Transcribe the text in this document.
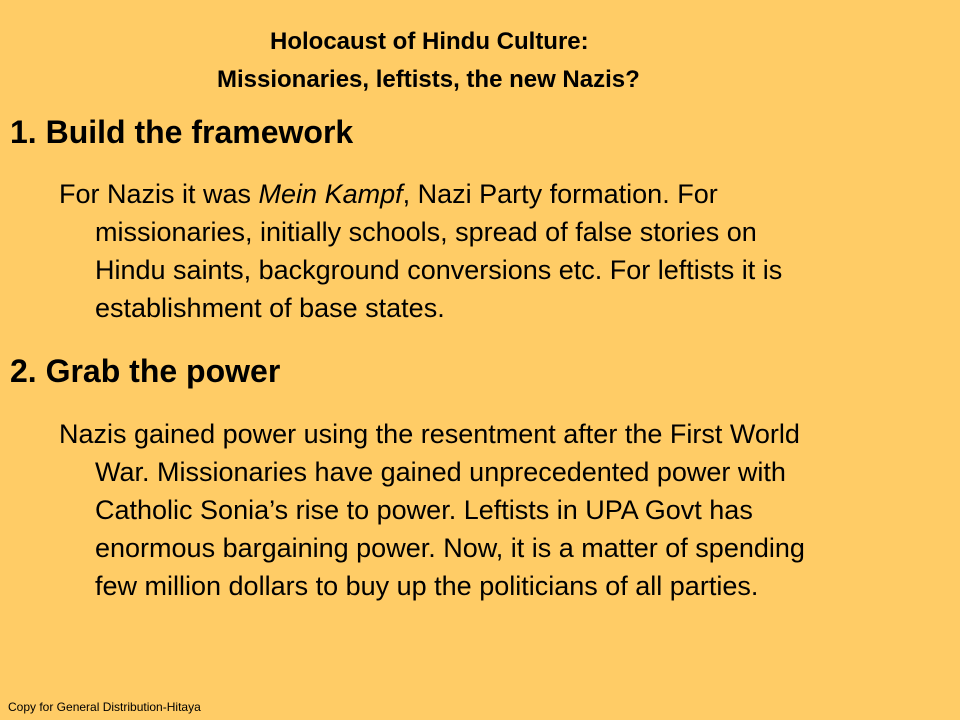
Holocaust of Hindu Culture:
Missionaries, leftists, the new Nazis?
1. Build the framework
For Nazis it was Mein Kampf, Nazi Party formation. For
missionaries, initially schools, spread of false stories on
Hindu saints, background conversions etc. For leftists it is
establishment of base states.
2. Grab the power
Nazis gained power using the resentment after the First World
War. Missionaries have gained unprecedented power with
Catholic Sonia’s rise to power. Leftists in UPA Govt has
enormous bargaining power. Now, it is a matter of spending
few million dollars to buy up the politicians of all parties.
Copy for General Distribution-Hitaya
